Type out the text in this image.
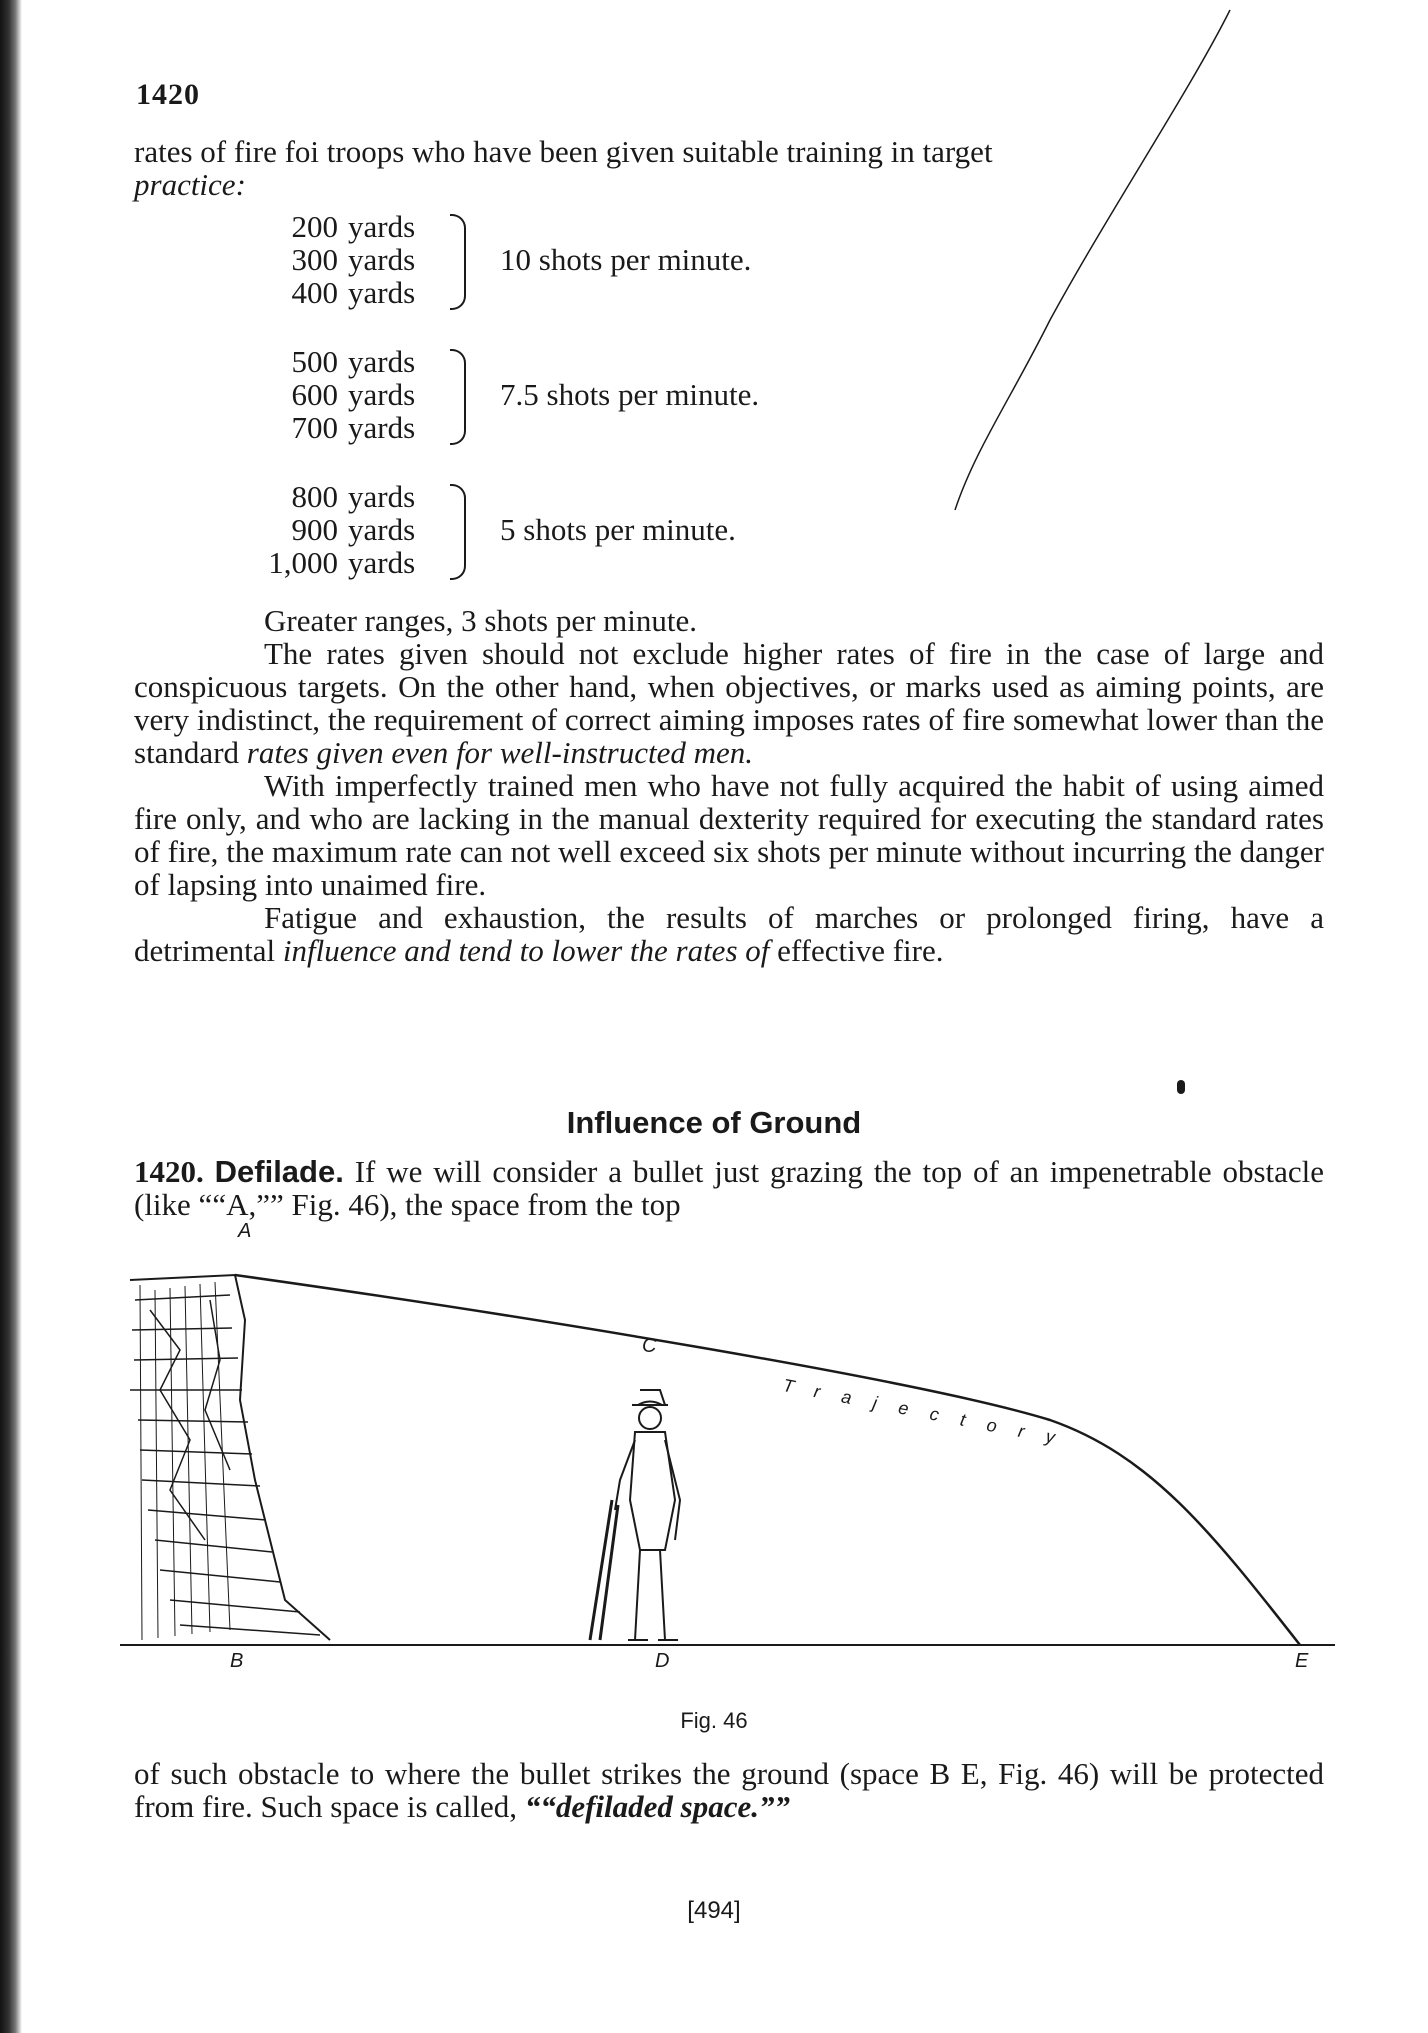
1420
rates of fire foi troops who have been given suitable training in target
practice:
200 yards
300 yards
400 yards
10 shots per minute.
500 yards
600 yards
700 yards
7.5 shots per minute.
800 yards
900 yards
1,000 yards
5 shots per minute.
Greater ranges, 3 shots per minute.

The rates given should not exclude higher rates of fire in the case of large and conspicuous targets. On the other hand, when objectives, or marks used as aiming points, are very indistinct, the requirement of correct aiming imposes rates of fire somewhat lower than the standard rates given even for well-instructed men.

With imperfectly trained men who have not fully acquired the habit of using aimed fire only, and who are lacking in the manual dexterity required for executing the standard rates of fire, the maximum rate can not well exceed six shots per minute without incurring the danger of lapsing into unaimed fire.

Fatigue and exhaustion, the results of marches or prolonged firing, have a detrimental influence and tend to lower the rates of effective fire.

Influence of Ground
1420. Defilade. If we will consider a bullet just grazing the top of an impenetrable obstacle (like ““A,”” Fig. 46), the space from the top
A
C
B	D	E
Trajectory
Fig. 46
of such obstacle to where the bullet strikes the ground (space B E, Fig. 46) will be protected from fire. Such space is called, ““defiladed space.””
[494]
